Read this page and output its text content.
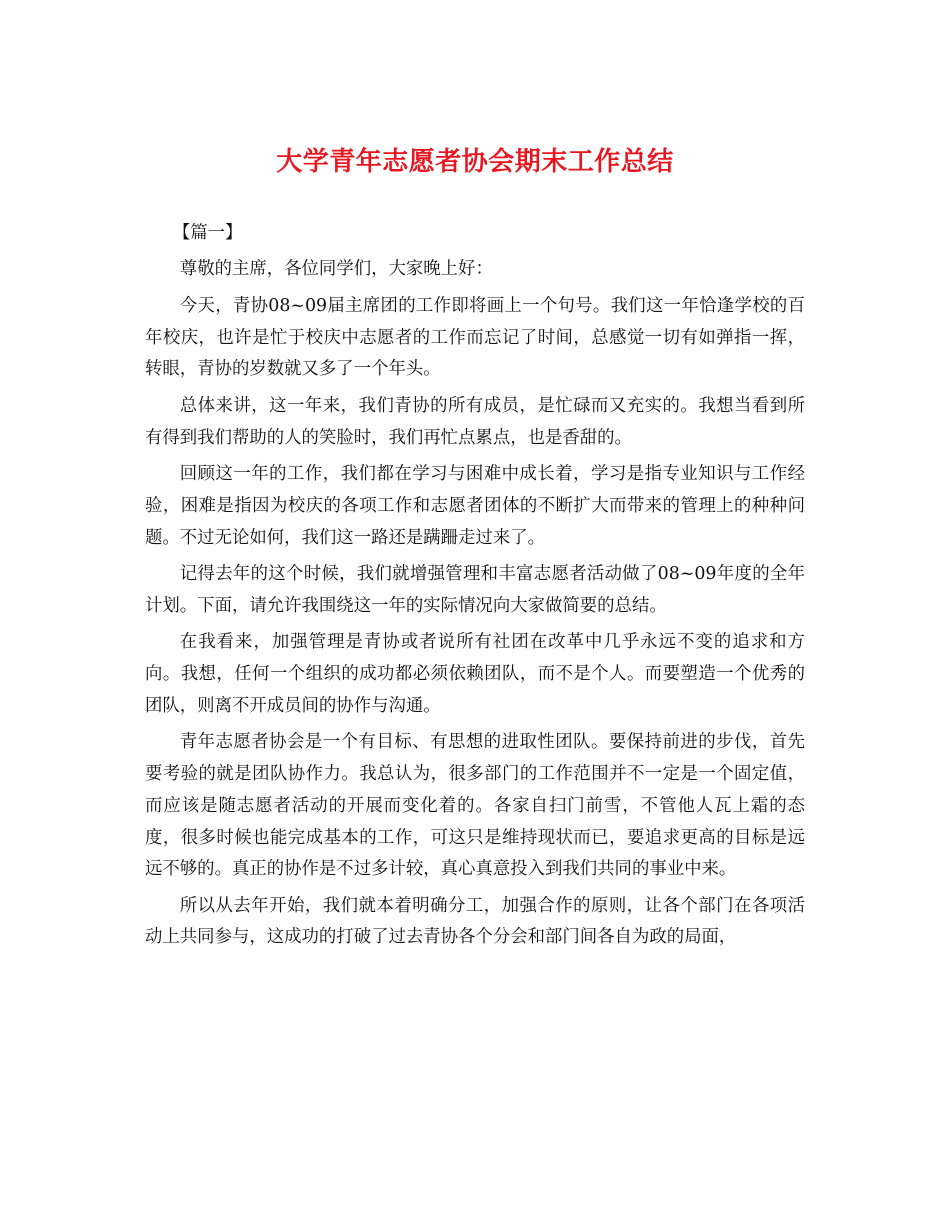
大学青年志愿者协会期末工作总结

【篇一】

尊敬的主席，各位同学们，大家晚上好：

今天，青协08~09届主席团的工作即将画上一个句号。我们这一年恰逢学校的百年校庆，也许是忙于校庆中志愿者的工作而忘记了时间，总感觉一切有如弹指一挥，转眼，青协的岁数就又多了一个年头。

总体来讲，这一年来，我们青协的所有成员，是忙碌而又充实的。我想当看到所有得到我们帮助的人的笑脸时，我们再忙点累点，也是香甜的。

回顾这一年的工作，我们都在学习与困难中成长着，学习是指专业知识与工作经验，困难是指因为校庆的各项工作和志愿者团体的不断扩大而带来的管理上的种种问题。不过无论如何，我们这一路还是蹒跚走过来了。

记得去年的这个时候，我们就增强管理和丰富志愿者活动做了08~09年度的全年计划。下面，请允许我围绕这一年的实际情况向大家做简要的总结。

在我看来，加强管理是青协或者说所有社团在改革中几乎永远不变的追求和方向。我想，任何一个组织的成功都必须依赖团队，而不是个人。而要塑造一个优秀的团队，则离不开成员间的协作与沟通。

青年志愿者协会是一个有目标、有思想的进取性团队。要保持前进的步伐，首先要考验的就是团队协作力。我总认为，很多部门的工作范围并不一定是一个固定值，而应该是随志愿者活动的开展而变化着的。各家自扫门前雪，不管他人瓦上霜的态度，很多时候也能完成基本的工作，可这只是维持现状而已，要追求更高的目标是远远不够的。真正的协作是不过多计较，真心真意投入到我们共同的事业中来。

所以从去年开始，我们就本着明确分工，加强合作的原则，让各个部门在各项活动上共同参与，这成功的打破了过去青协各个分会和部门间各自为政的局面，
